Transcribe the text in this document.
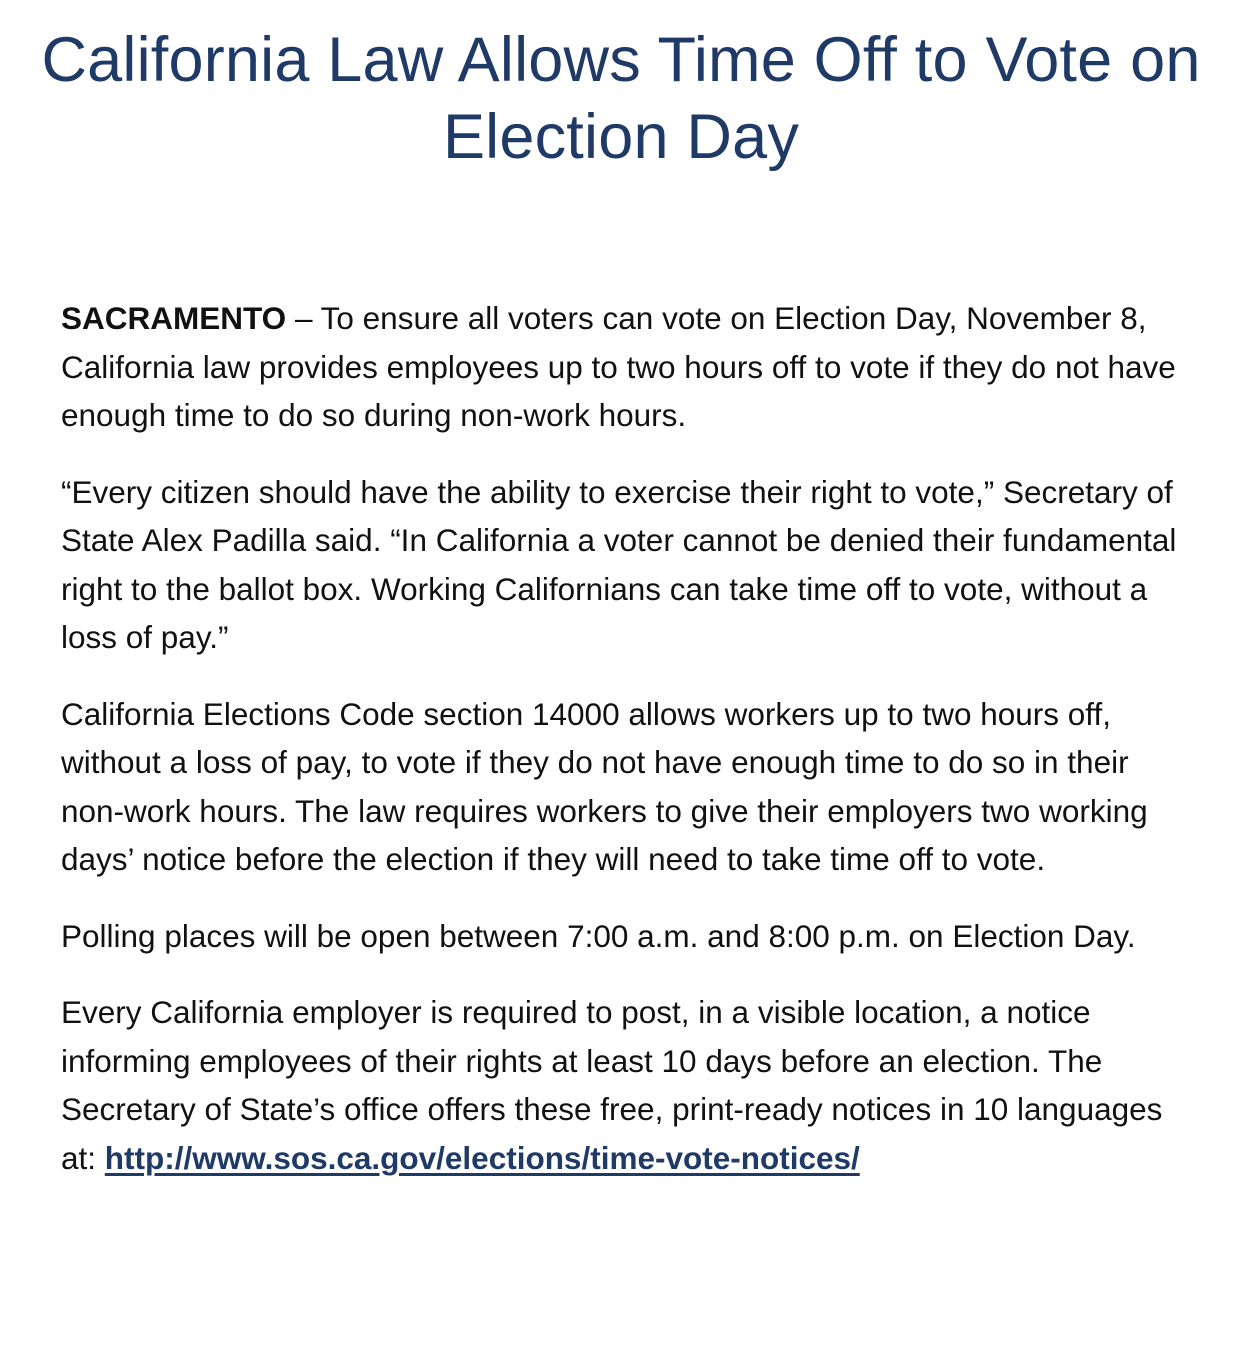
California Law Allows Time Off to Vote on Election Day

SACRAMENTO – To ensure all voters can vote on Election Day, November 8, California law provides employees up to two hours off to vote if they do not have enough time to do so during non-work hours.

“Every citizen should have the ability to exercise their right to vote,” Secretary of State Alex Padilla said. “In California a voter cannot be denied their fundamental right to the ballot box. Working Californians can take time off to vote, without a loss of pay.”

California Elections Code section 14000 allows workers up to two hours off, without a loss of pay, to vote if they do not have enough time to do so in their non-work hours. The law requires workers to give their employers two working days’ notice before the election if they will need to take time off to vote.

Polling places will be open between 7:00 a.m. and 8:00 p.m. on Election Day.

Every California employer is required to post, in a visible location, a notice informing employees of their rights at least 10 days before an election. The Secretary of State’s office offers these free, print-ready notices in 10 languages at: http://www.sos.ca.gov/elections/time-vote-notices/
